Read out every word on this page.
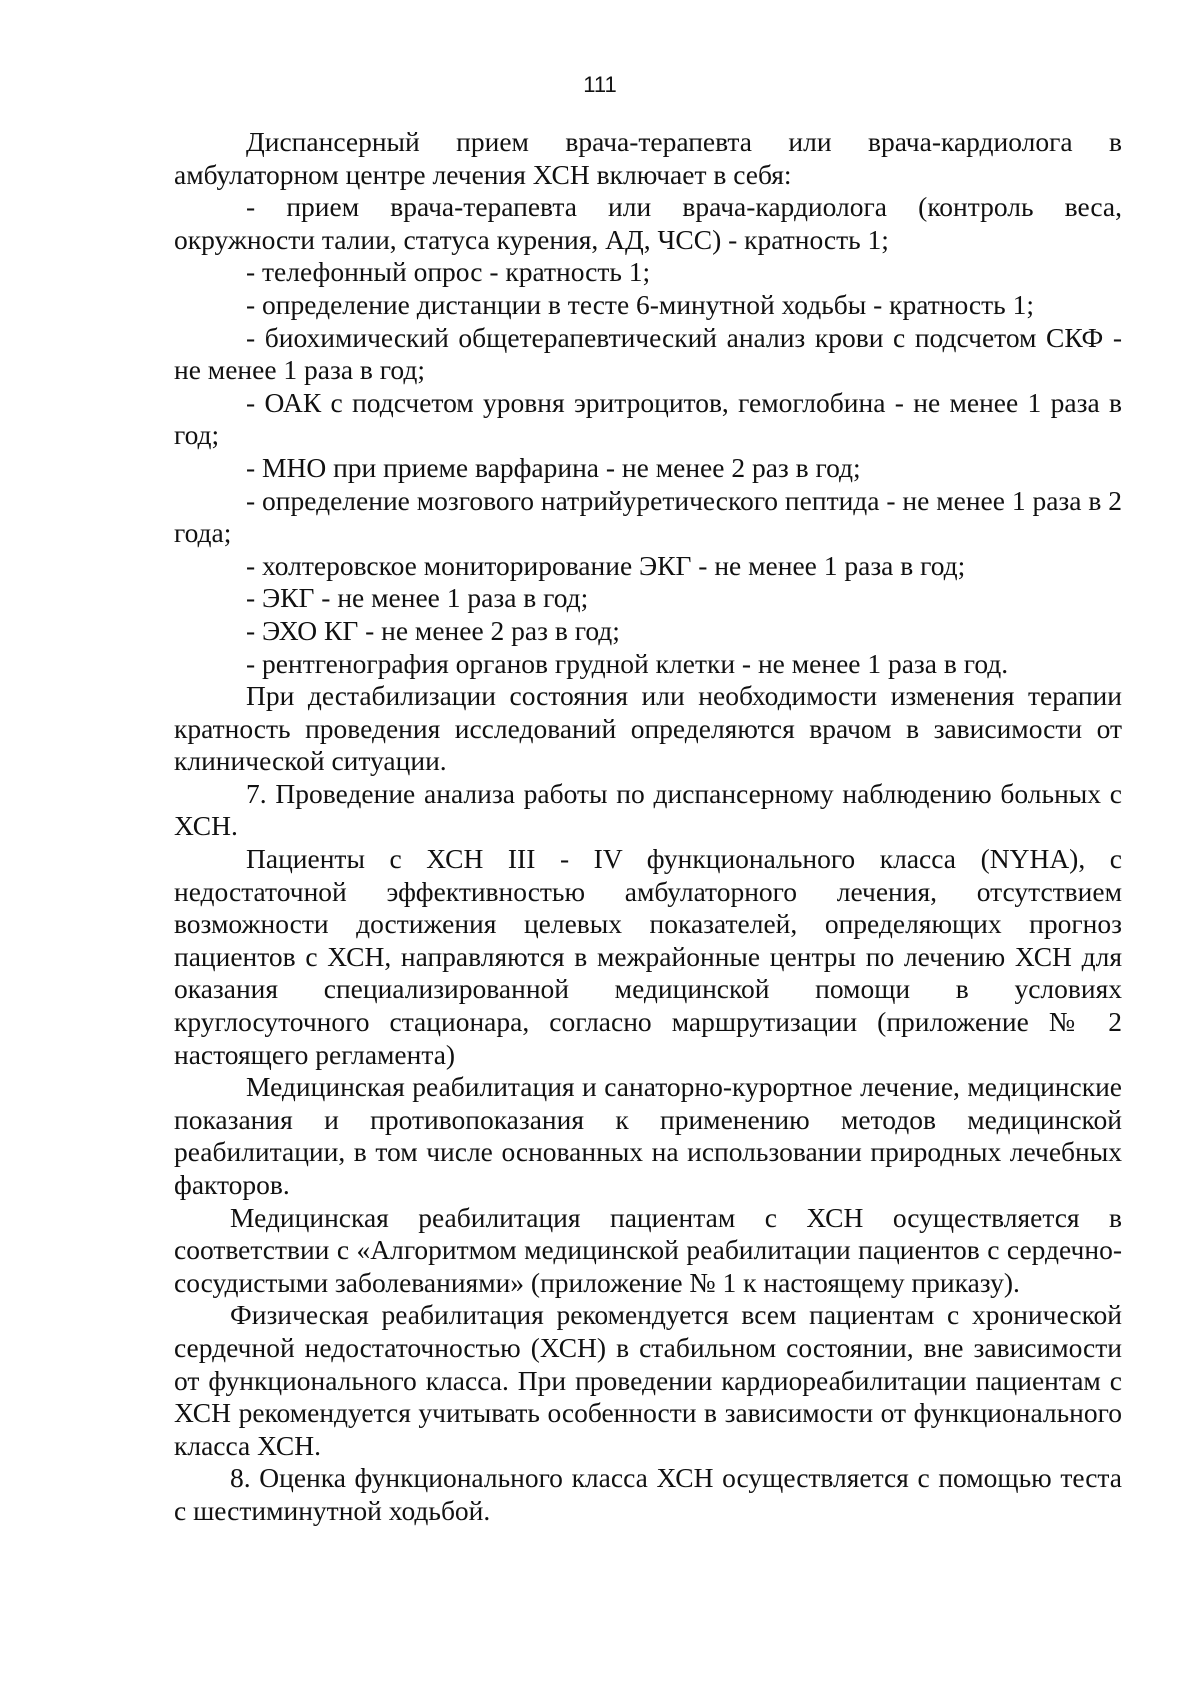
111

Диспансерный прием врача-терапевта или врача-кардиолога в амбулаторном центре лечения ХСН включает в себя:

- прием врача-терапевта или врача-кардиолога (контроль веса, окружности талии, статуса курения, АД, ЧСС) - кратность 1;

- телефонный опрос - кратность 1;

- определение дистанции в тесте 6-минутной ходьбы - кратность 1;

- биохимический общетерапевтический анализ крови с подсчетом СКФ - не менее 1 раза в год;

- ОАК с подсчетом уровня эритроцитов, гемоглобина - не менее 1 раза в год;

- МНО при приеме варфарина - не менее 2 раз в год;

- определение мозгового натрийуретического пептида - не менее 1 раза в 2 года;

- холтеровское мониторирование ЭКГ - не менее 1 раза в год;

- ЭКГ - не менее 1 раза в год;

- ЭХО КГ - не менее 2 раз в год;

- рентгенография органов грудной клетки - не менее 1 раза в год.

При дестабилизации состояния или необходимости изменения терапии кратность проведения исследований определяются врачом в зависимости от клинической ситуации.

7. Проведение анализа работы по диспансерному наблюдению больных с ХСН.

Пациенты с ХСН III - IV функционального класса (NYHA), с недостаточной эффективностью амбулаторного лечения, отсутствием возможности достижения целевых показателей, определяющих прогноз пациентов с ХСН, направляются в межрайонные центры по лечению ХСН для оказания специализированной медицинской помощи в условиях круглосуточного стационара, согласно маршрутизации (приложение № 2 настоящего регламента)

Медицинская реабилитация и санаторно-курортное лечение, медицинские показания и противопоказания к применению методов медицинской реабилитации, в том числе основанных на использовании природных лечебных факторов.

Медицинская реабилитация пациентам с ХСН осуществляется в соответствии с «Алгоритмом медицинской реабилитации пациентов с сердечно-сосудистыми заболеваниями» (приложение № 1 к настоящему приказу).

Физическая реабилитация рекомендуется всем пациентам с хронической сердечной недостаточностью (ХСН) в стабильном состоянии, вне зависимости от функционального класса. При проведении кардиореабилитации пациентам с ХСН рекомендуется учитывать особенности в зависимости от функционального класса ХСН.

8. Оценка функционального класса ХСН осуществляется с помощью теста с шестиминутной ходьбой.
